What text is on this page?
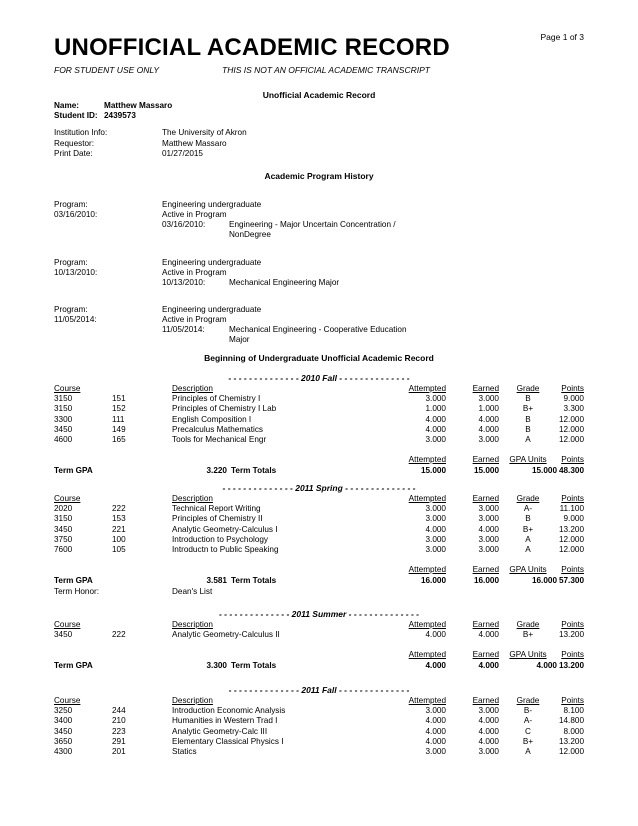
Page 1 of 3
UNOFFICIAL ACADEMIC RECORD
FOR STUDENT USE ONLY	THIS IS NOT AN OFFICIAL ACADEMIC TRANSCRIPT
Unofficial Academic Record
Name:	Matthew Massaro
Student ID: 2439573
Institution Info:	The University of Akron
Requestor:	Matthew Massaro
Print Date:	01/27/2015
Academic Program History
Program:	Engineering undergraduate
03/16/2010:	Active in Program
03/16/2010:	Engineering - Major Uncertain Concentration /
NonDegree
Program:	Engineering undergraduate
10/13/2010:	Active in Program
10/13/2010:	Mechanical Engineering Major
Program:	Engineering undergraduate
11/05/2014:	Active in Program
11/05/2014:	Mechanical Engineering - Cooperative Education
Major
Beginning of Undergraduate Unofficial Academic Record
- - - - - - - - - - - - - - 2010 Fall - - - - - - - - - - - - - -
Course	Description	Attempted	Earned	Grade	Points
3150	151	Principles of Chemistry I	3.000	3.000	B	9.000
3150	152	Principles of Chemistry I Lab	1.000	1.000	B+	3.300
3300	111	English Composition I	4.000	4.000	B	12.000
3450	149	Precalculus Mathematics	4.000	4.000	B	12.000
4600	165	Tools for Mechanical Engr	3.000	3.000	A	12.000
Attempted	Earned	GPA Units	Points
Term GPA	3.220 Term Totals	15.000	15.000	15.000 48.300
- - - - - - - - - - - - - - 2011 Spring - - - - - - - - - - - - - -
Course	Description	Attempted	Earned	Grade	Points
2020	222	Technical Report Writing	3.000	3.000	A-	11.100
3150	153	Principles of Chemistry II	3.000	3.000	B	9.000
3450	221	Analytic Geometry-Calculus I	4.000	4.000	B+	13.200
3750	100	Introduction to Psychology	3.000	3.000	A	12.000
7600	105	Introductn to Public Speaking	3.000	3.000	A	12.000
Attempted	Earned	GPA Units	Points
Term GPA	3.581 Term Totals	16.000	16.000	16.000 57.300
Term Honor:	Dean's List
- - - - - - - - - - - - - - 2011 Summer - - - - - - - - - - - - - -
Course	Description	Attempted	Earned	Grade	Points
3450	222	Analytic Geometry-Calculus II	4.000	4.000	B+	13.200
Attempted	Earned	GPA Units	Points
Term GPA	3.300 Term Totals	4.000	4.000	4.000 13.200
- - - - - - - - - - - - - - 2011 Fall - - - - - - - - - - - - - -
Course	Description	Attempted	Earned	Grade	Points
3250	244	Introduction Economic Analysis	3.000	3.000	B-	8.100
3400	210	Humanities in Western Trad I	4.000	4.000	A-	14.800
3450	223	Analytic Geometry-Calc III	4.000	4.000	C	8.000
3650	291	Elementary Classical Physics I	4.000	4.000	B+	13.200
4300	201	Statics	3.000	3.000	A	12.000
